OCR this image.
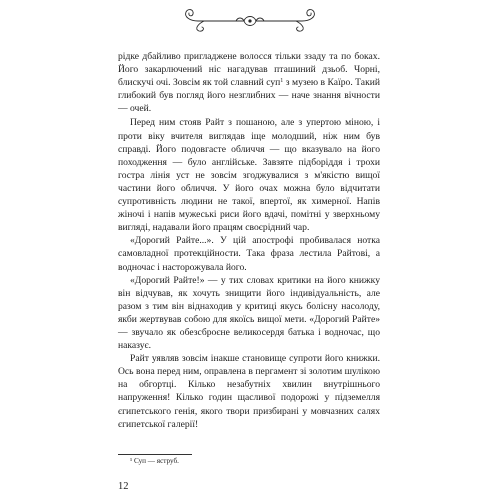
рідке дбайливо пригладжене волосся тільки ззаду та по боках. Його закарлючений ніс нагадував пташиний дзьоб. Чорні, блискучі очі. Зовсім як той славний суп$^1$ з музею в Каїро. Такий глибокий був погляд його незглибних — наче знання вічности — очей.

Перед ним стояв Райт з пошаною, але з упертою міною, і проти віку вчителя виглядав іще молодший, ніж ним був справді. Його подовгасте обличчя — що вказувало на його походження — було англійське. Завзяте підборіддя і трохи гостра лінія уст не зовсім згоджувалися з м'якістю вищої частини його обличчя. У його очах можна було відчитати супротивність людини не такої, впертої, як химерної. Напів жіночі і напів мужеські риси його вдачі, помітні у зверхньому вигляді, надавали його працям своєрідний чар.

«Дорогий Райте...». У цій апострофі пробивалася нотка самовладної протекційности. Така фраза лестила Райтові, а водночас і насторожувала його.

«Дорогий Райте!» — у тих словах критики на його книжку він відчував, як хочуть знищити його індивідуальність, але разом з тим він віднаходив у критиці якусь болісну насолоду, якби жертвував собою для якоїсь вищої мети. «Дорогий Райте» — звучало як обезсброєне великосердя батька і водночас, що наказує.

Райт уявляв зовсім інакше становище супроти його книжки. Ось вона перед ним, оправлена в пергамент зі золотим шулікою на обгортці. Кілько незабутніх хвилин внутрішнього напруження! Кілько годин щасливої подорожі у підземелля єгипетського генія, якого твори призбирані у мовчазних салях єгипетської галерії!

¹ Суп — яструб.
12
